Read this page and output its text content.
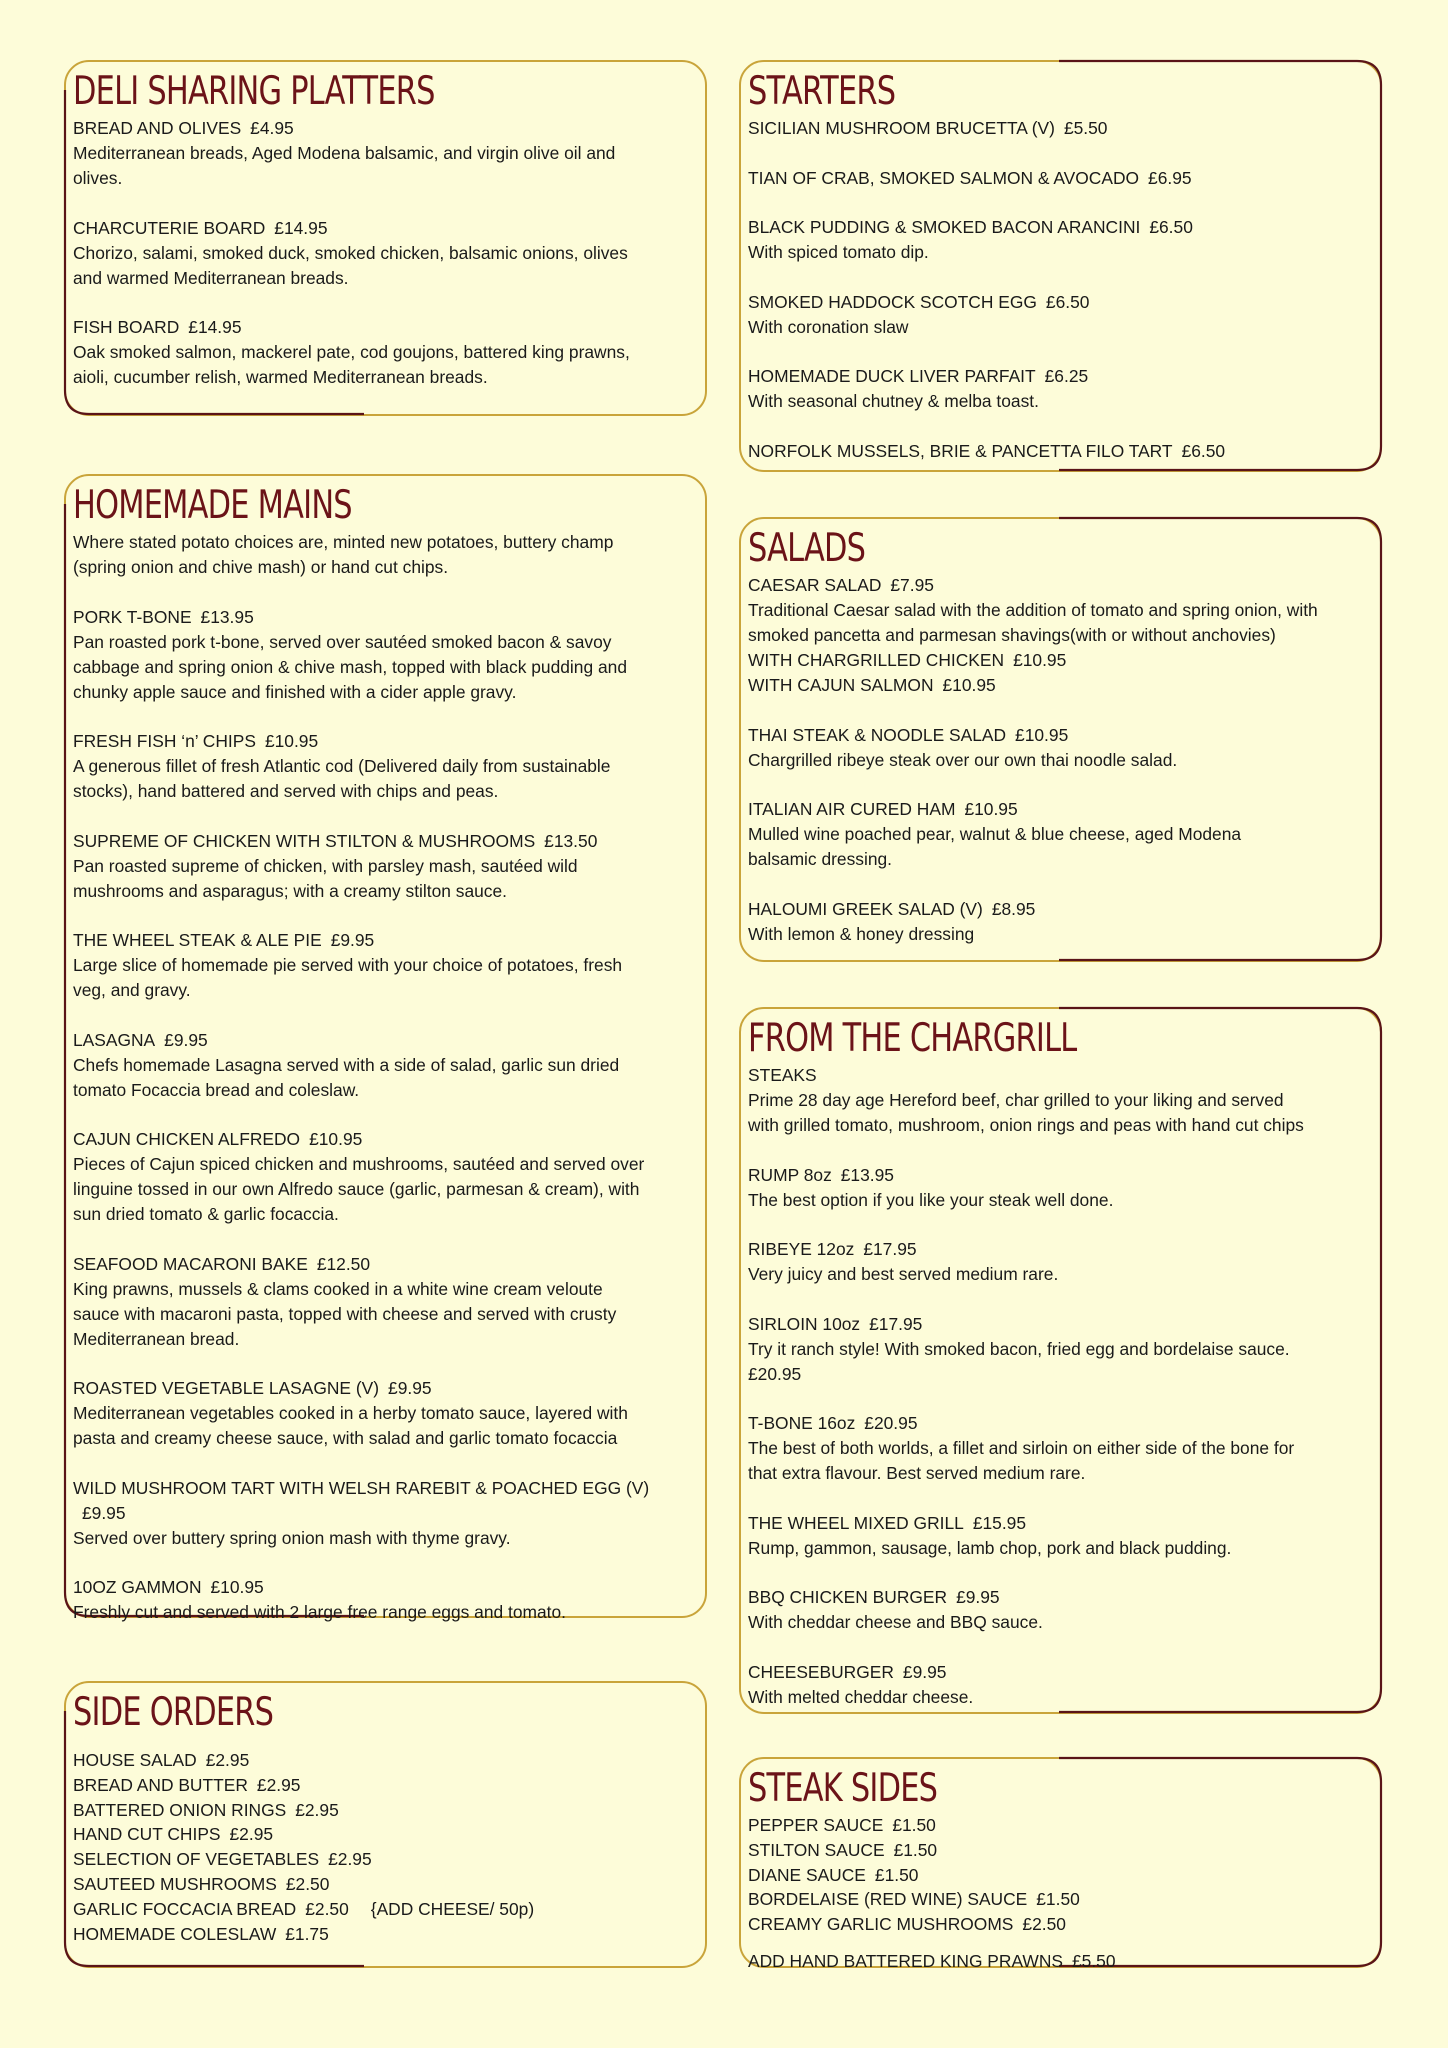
DELI SHARING PLATTERS

BREAD AND OLIVES £4.95

Mediterranean breads, Aged Modena balsamic, and virgin olive oil and

olives.

CHARCUTERIE BOARD £14.95

Chorizo, salami, smoked duck, smoked chicken, balsamic onions, olives

and warmed Mediterranean breads.

FISH BOARD £14.95

Oak smoked salmon, mackerel pate, cod goujons, battered king prawns,

aioli, cucumber relish, warmed Mediterranean breads.

HOMEMADE MAINS

Where stated potato choices are, minted new potatoes, buttery champ

(spring onion and chive mash) or hand cut chips.

PORK T-BONE £13.95

Pan roasted pork t-bone, served over sautéed smoked bacon & savoy

cabbage and spring onion & chive mash, topped with black pudding and

chunky apple sauce and finished with a cider apple gravy.

FRESH FISH ‘n’ CHIPS £10.95

A generous fillet of fresh Atlantic cod (Delivered daily from sustainable

stocks), hand battered and served with chips and peas.

SUPREME OF CHICKEN WITH STILTON & MUSHROOMS £13.50

Pan roasted supreme of chicken, with parsley mash, sautéed wild

mushrooms and asparagus; with a creamy stilton sauce.

THE WHEEL STEAK & ALE PIE £9.95

Large slice of homemade pie served with your choice of potatoes, fresh

veg, and gravy.

LASAGNA £9.95

Chefs homemade Lasagna served with a side of salad, garlic sun dried

tomato Focaccia bread and coleslaw.

CAJUN CHICKEN ALFREDO £10.95

Pieces of Cajun spiced chicken and mushrooms, sautéed and served over

linguine tossed in our own Alfredo sauce (garlic, parmesan & cream), with

sun dried tomato & garlic focaccia.

SEAFOOD MACARONI BAKE £12.50

King prawns, mussels & clams cooked in a white wine cream veloute

sauce with macaroni pasta, topped with cheese and served with crusty

Mediterranean bread.

ROASTED VEGETABLE LASAGNE (V) £9.95

Mediterranean vegetables cooked in a herby tomato sauce, layered with

pasta and creamy cheese sauce, with salad and garlic tomato focaccia

WILD MUSHROOM TART WITH WELSH RAREBIT & POACHED EGG (V)£9.95

Served over buttery spring onion mash with thyme gravy.

10OZ GAMMON £10.95

Freshly cut and served with 2 large free range eggs and tomato.

SIDE ORDERS

HOUSE SALAD £2.95

BREAD AND BUTTER £2.95

BATTERED ONION RINGS £2.95

HAND CUT CHIPS £2.95

SELECTION OF VEGETABLES £2.95

SAUTEED MUSHROOMS £2.50

GARLIC FOCCACIA BREAD £2.50 {ADD CHEESE/ 50p)

HOMEMADE COLESLAW £1.75

STARTERS

SICILIAN MUSHROOM BRUCETTA (V) £5.50

TIAN OF CRAB, SMOKED SALMON & AVOCADO £6.95

BLACK PUDDING & SMOKED BACON ARANCINI £6.50

With spiced tomato dip.

SMOKED HADDOCK SCOTCH EGG £6.50

With coronation slaw

HOMEMADE DUCK LIVER PARFAIT £6.25

With seasonal chutney & melba toast.

NORFOLK MUSSELS, BRIE & PANCETTA FILO TART £6.50

SALADS

CAESAR SALAD £7.95

Traditional Caesar salad with the addition of tomato and spring onion, with

smoked pancetta and parmesan shavings(with or without anchovies)

WITH CHARGRILLED CHICKEN £10.95

WITH CAJUN SALMON £10.95

THAI STEAK & NOODLE SALAD £10.95

Chargrilled ribeye steak over our own thai noodle salad.

ITALIAN AIR CURED HAM £10.95

Mulled wine poached pear, walnut & blue cheese, aged Modena

balsamic dressing.

HALOUMI GREEK SALAD (V) £8.95

With lemon & honey dressing

FROM THE CHARGRILL

STEAKS

Prime 28 day age Hereford beef, char grilled to your liking and served

with grilled tomato, mushroom, onion rings and peas with hand cut chips

RUMP 8oz £13.95

The best option if you like your steak well done.

RIBEYE 12oz £17.95

Very juicy and best served medium rare.

SIRLOIN 10oz £17.95

Try it ranch style! With smoked bacon, fried egg and bordelaise sauce.

£20.95

T-BONE 16oz £20.95

The best of both worlds, a fillet and sirloin on either side of the bone for

that extra flavour. Best served medium rare.

THE WHEEL MIXED GRILL £15.95

Rump, gammon, sausage, lamb chop, pork and black pudding.

BBQ CHICKEN BURGER £9.95

With cheddar cheese and BBQ sauce.

CHEESEBURGER £9.95

With melted cheddar cheese.

STEAK SIDES

PEPPER SAUCE £1.50

STILTON SAUCE £1.50

DIANE SAUCE £1.50

BORDELAISE (RED WINE) SAUCE £1.50

CREAMY GARLIC MUSHROOMS £2.50

ADD HAND BATTERED KING PRAWNS £5.50
